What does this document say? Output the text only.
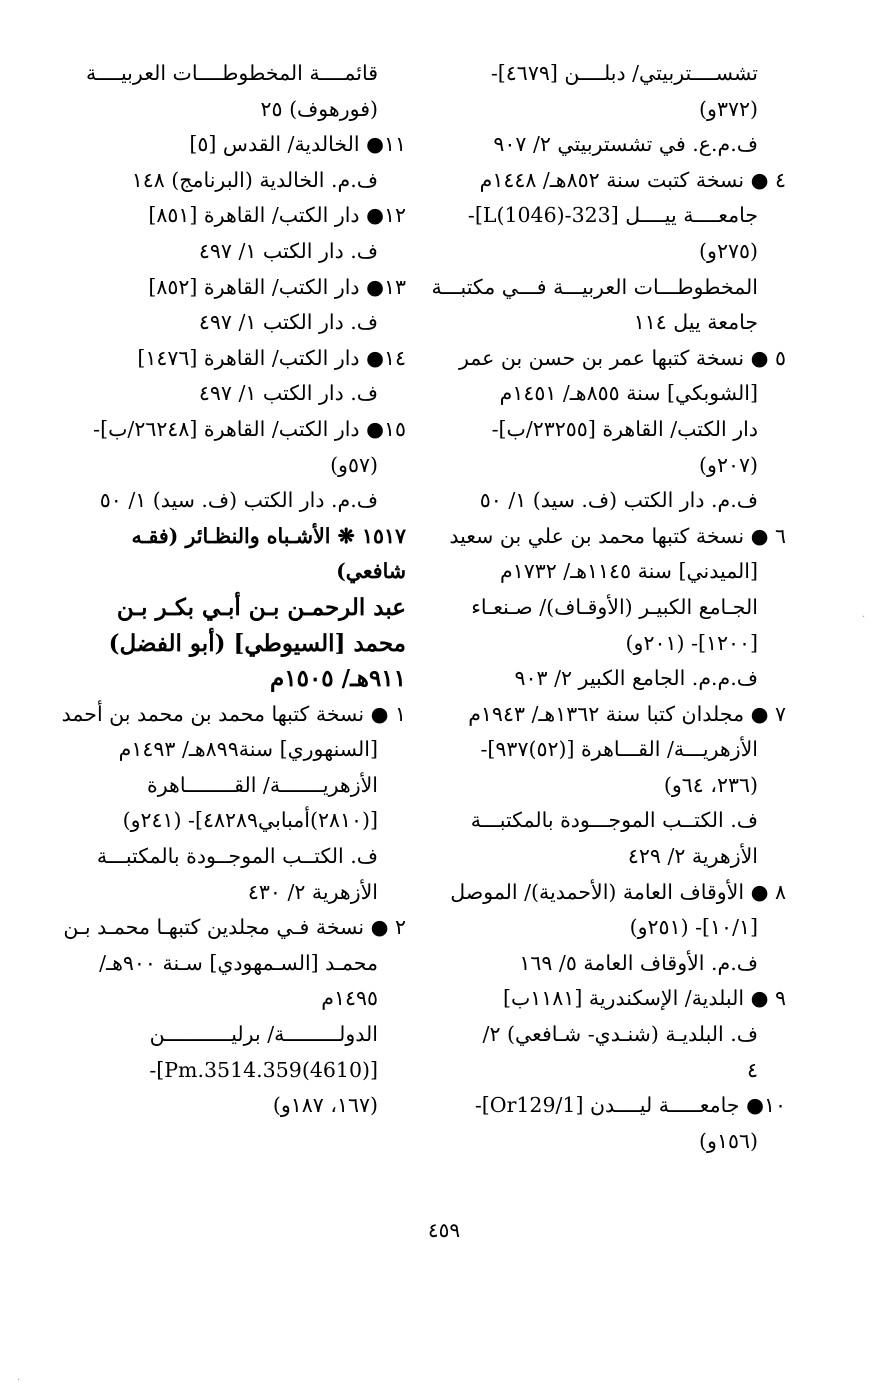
تشســــتربيتي/ دبلــــن [٤٦٧٩]-
(٣٧٢و)
ف.م.ع. في تشستربيتي ٢/ ٩٠٧
٤ ● نسخة كتبت سنة ٨٥٢هـ/ ١٤٤٨م
جامعــــة ييــــل [323-L(1046)]-
(٢٧٥و)
المخطوطـــات العربيـــة فـــي مكتبـــة
جامعة ييل ١١٤
٥ ● نسخة كتبها عمر بن حسن بن عمر
[الشوبكي] سنة ٨٥٥هـ/ ١٤٥١م
دار الكتب/ القاهرة [٢٣٢٥٥/ب]-
(٢٠٧و)
ف.م. دار الكتب (ف. سيد) ١/ ٥٠
٦ ● نسخة كتبها محمد بن علي بن سعيد
[الميدني] سنة ١١٤٥هـ/ ١٧٣٢م
الجـامع الكبيـر (الأوقـاف)/ صـنعـاء
[١٢٠٠]- (٢٠١و)
ف.م.م. الجامع الكبير ٢/ ٩٠٣
٧ ● مجلدان كتبا سنة ١٣٦٢هـ/ ١٩٤٣م
الأزهريـــة/ القـــاهرة [(٥٢)٩٣٧]-
(٢٣٦، ٦٤و)
ف. الكتــب الموجـــودة بالمكتبـــة
الأزهرية ٢/ ٤٢٩
٨ ● الأوقاف العامة (الأحمدية)/ الموصل
[١٠/١]- (٢٥١و)
ف.م. الأوقاف العامة ٥/ ١٦٩
٩ ● البلدية/ الإسكندرية [١١٨١ب]
ف. البلديـة (شنـدي- شـافعي) ٢/
٤
١٠● جامعـــــة ليــــدن [Or129/1]-
(١٥٦و)
قائمــــة المخطوطــــات العربيــــة
(فورهوف) ٢٥
١١● الخالدية/ القدس [٥]
ف.م. الخالدية (البرنامج) ١٤٨
١٢● دار الكتب/ القاهرة [٨٥١]
ف. دار الكتب ١/ ٤٩٧
١٣● دار الكتب/ القاهرة [٨٥٢]
ف. دار الكتب ١/ ٤٩٧
١٤● دار الكتب/ القاهرة [١٤٧٦]
ف. دار الكتب ١/ ٤٩٧
١٥● دار الكتب/ القاهرة [٢٦٢٤٨/ب]-
(٥٧و)
ف.م. دار الكتب (ف. سيد) ١/ ٥٠
١٥١٧ ❋ الأشـباه والنظـائر (فقـه
شافعي)
عبد الرحمـن بـن أبـي بكـر بـن
محمد [السيوطي] (أبو الفضل)
٩١١هـ/ ١٥٠٥م
١ ● نسخة كتبها محمد بن محمد بن أحمد
[السنهوري] سنة٨٩٩هـ/ ١٤٩٣م
الأزهريـــــــة/ القــــــــاهرة
[(٢٨١٠)أمبابي٤٨٢٨٩]- (٢٤١و)
ف. الكتــب الموجــودة بالمكتبـــة
الأزهرية ٢/ ٤٣٠
٢ ● نسخة فـي مجلدين كتبهـا محمـد بـن
محمـد [السـمهودي] سـنة ٩٠٠هـ/
١٤٩٥م
الدولـــــــــة/ برليـــــــــــن
[(4610)Pm.3514.359]-
(١٦٧، ١٨٧و)
٤٥٩
·
·
